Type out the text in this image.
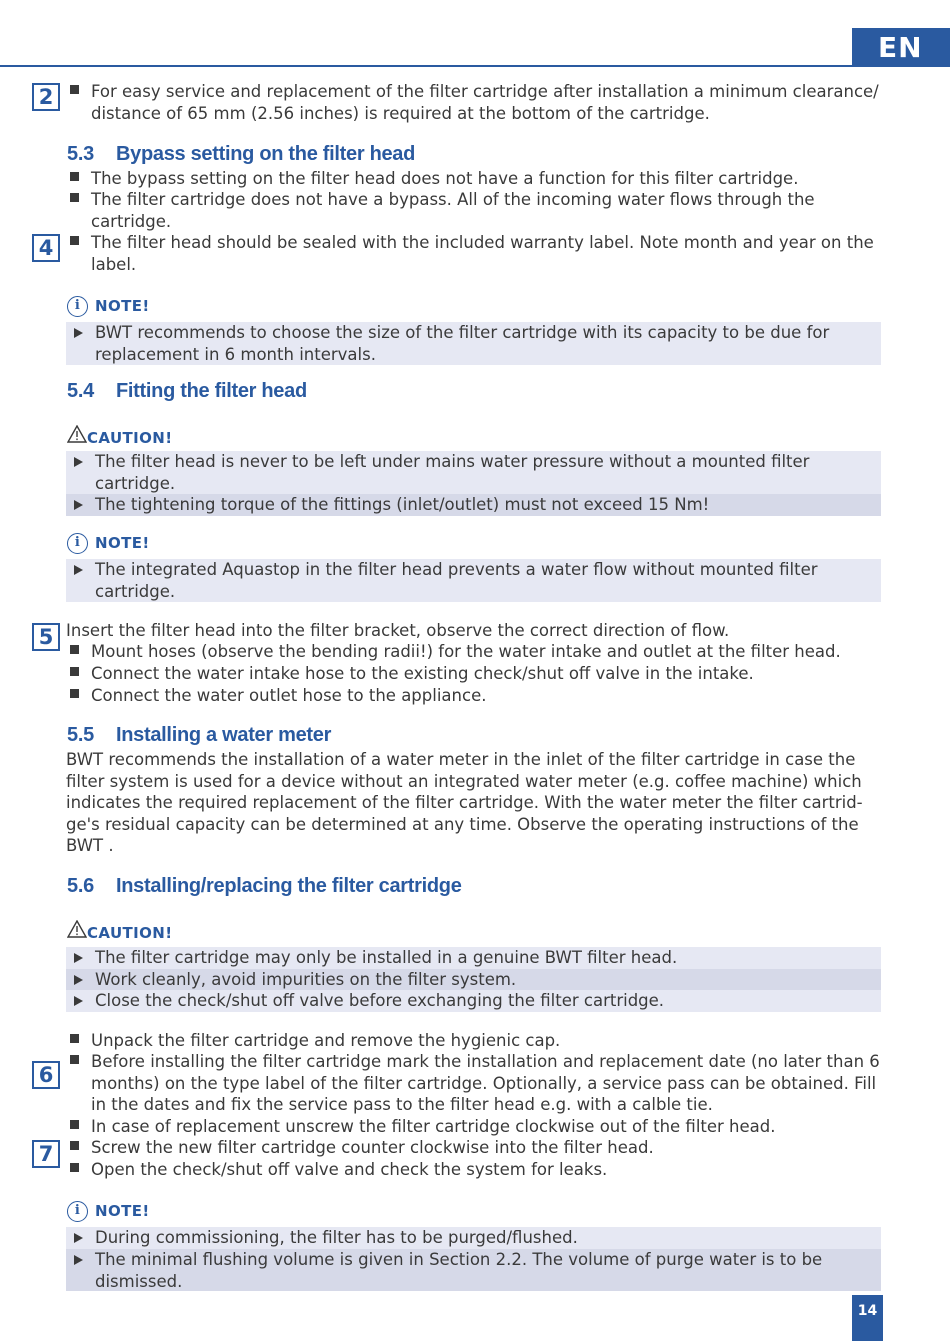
EN
2
4
5
6
7
For easy service and replacement of the filter cartridge after installation a minimum clearance/ distance of 65 mm (2.56 inches) is required at the bottom of the cartridge.
5.3 Bypass setting on the filter head
The bypass setting on the filter head does not have a function for this filter cartridge.
The filter cartridge does not have a bypass. All of the incoming water flows through the cartridge.
The filter head should be sealed with the included warranty label. Note month and year on the label.
i NOTE!
BWT recommends to choose the size of the filter cartridge with its capacity to be due for replacement in 6 month intervals.
5.4 Fitting the filter head
CAUTION!
The filter head is never to be left under mains water pressure without a mounted filter cartridge.
The tightening torque of the fittings (inlet/outlet) must not exceed 15 Nm!
i NOTE!
The integrated Aquastop in the filter head prevents a water flow without mounted filter cartridge.
Insert the filter head into the filter bracket, observe the correct direction of flow.
Mount hoses (observe the bending radii!) for the water intake and outlet at the filter head.
Connect the water intake hose to the existing check/shut off valve in the intake.
Connect the water outlet hose to the appliance.
5.5 Installing a water meter
BWT recommends the installation of a water meter in the inlet of the filter cartridge in case the filter system is used for a device without an integrated water meter (e.g. coffee machine) which indicates the required replacement of the filter cartridge. With the water meter the filter cartrid-ge's residual capacity can be determined at any time. Observe the operating instructions of the BWT .
5.6 Installing/replacing the filter cartridge
CAUTION!
The filter cartridge may only be installed in a genuine BWT filter head.
Work cleanly, avoid impurities on the filter system.
Close the check/shut off valve before exchanging the filter cartridge.
Unpack the filter cartridge and remove the hygienic cap.
Before installing the filter cartridge mark the installation and replacement date (no later than 6 months) on the type label of the filter cartridge. Optionally, a service pass can be obtained. Fill in the dates and fix the service pass to the filter head e.g. with a calble tie.
In case of replacement unscrew the filter cartridge clockwise out of the filter head.
Screw the new filter cartridge counter clockwise into the filter head.
Open the check/shut off valve and check the system for leaks.
i NOTE!
During commissioning, the filter has to be purged/flushed.
The minimal flushing volume is given in Section 2.2. The volume of purge water is to be dismissed.
14
